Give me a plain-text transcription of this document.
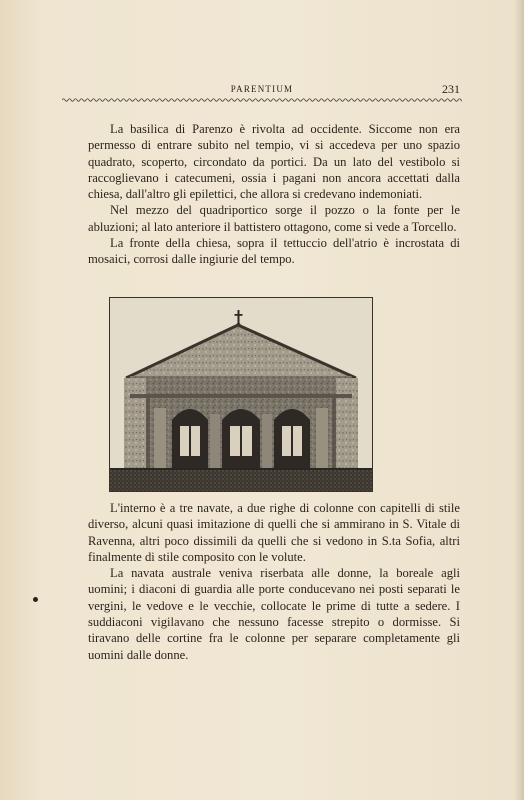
PARENTIUM	231

La basilica di Parenzo è rivolta ad occidente. Siccome non era permesso di entrare subito nel tempio, vi si accedeva per uno spazio quadrato, scoperto, circondato da portici. Da un lato del vestibolo si raccoglievano i catecumeni, ossia i pagani non ancora accettati dalla chiesa, dall'altro gli epilettici, che allora si credevano indemoniati.

Nel mezzo del quadriportico sorge il pozzo o la fonte per le abluzioni; al lato anteriore il battistero ottagono, come si vede a Torcello.

La fronte della chiesa, sopra il tettuccio dell'atrio è incrostata di mosaici, corrosi dalle ingiurie del tempo.

L'interno è a tre navate, a due righe di colonne con capitelli di stile diverso, alcuni quasi imitazione di quelli che si ammirano in S. Vitale di Ravenna, altri poco dissimili da quelli che si vedono in S.ta Sofia, altri finalmente di stile composito con le volute.

La navata australe veniva riserbata alle donne, la boreale agli uomini; i diaconi di guardia alle porte conducevano nei posti separati le vergini, le vedove e le vecchie, collocate le prime di tutte a sedere. I suddiaconi vigilavano che nessuno facesse strepito o dormisse. Si tiravano delle cortine fra le colonne per separare completamente gli uomini dalle donne.
